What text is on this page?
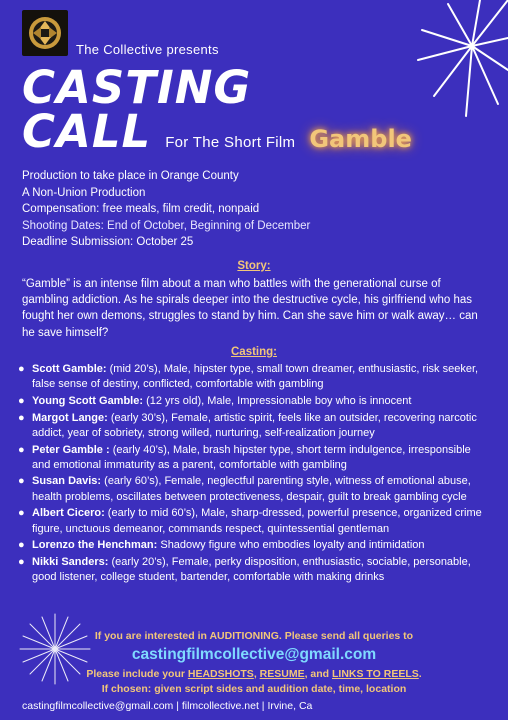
The Collective presents
CASTING
CALL For The Short Film Gamble
Production to take place in Orange County
A Non-Union Production
Compensation: free meals, film credit, nonpaid
Shooting Dates: End of October, Beginning of December
Deadline Submission: October 25
Story:
“Gamble” is an intense film about a man who battles with the generational curse of gambling addiction. As he spirals deeper into the destructive cycle, his girlfriend who has fought her own demons, struggles to stand by him. Can she save him or walk away… can he save himself?
Casting:
● Scott Gamble: (mid 20’s), Male, hipster type, small town dreamer, enthusiastic, risk seeker, false sense of destiny, conflicted, comfortable with gambling
● Young Scott Gamble: (12 yrs old), Male, Impressionable boy who is innocent
● Margot Lange: (early 30’s), Female, artistic spirit, feels like an outsider, recovering narcotic addict, year of sobriety, strong willed, nurturing, self-realization journey
● Peter Gamble : (early 40’s), Male, brash hipster type, short term indulgence, irresponsible and emotional immaturity as a parent, comfortable with gambling
● Susan Davis: (early 60’s), Female, neglectful parenting style, witness of emotional abuse, health problems, oscillates between protectiveness, despair, guilt to break gambling cycle
● Albert Cicero: (early to mid 60’s), Male, sharp-dressed, powerful presence, organized crime figure, unctuous demeanor, commands respect, quintessential gentleman
● Lorenzo the Henchman: Shadowy figure who embodies loyalty and intimidation
● Nikki Sanders: (early 20’s), Female, perky disposition, enthusiastic, sociable, personable, good listener, college student, bartender, comfortable with making drinks
If you are interested in AUDITIONING. Please send all queries to
castingfilmcollective@gmail.com
Please include your HEADSHOTS, RESUME, and LINKS TO REELS.
If chosen: given script sides and audition date, time, location
castingfilmcollective@gmail.com | filmcollective.net | Irvine, Ca
